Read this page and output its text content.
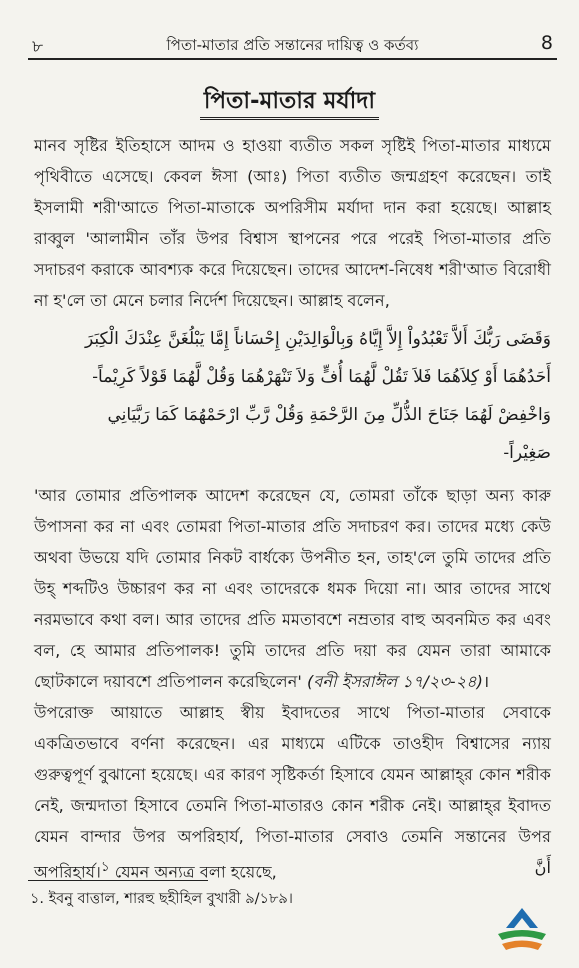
৮	পিতা-মাতার প্রতি সন্তানের দায়িত্ব ও কর্তব্য	8
পিতা-মাতার মর্যাদা

মানব সৃষ্টির ইতিহাসে আদম ও হাওয়া ব্যতীত সকল সৃষ্টিই পিতা-মাতার মাধ্যমে পৃথিবীতে এসেছে। কেবল ঈসা (আঃ) পিতা ব্যতীত জন্মগ্রহণ করেছেন। তাই ইসলামী শরী'আতে পিতা-মাতাকে অপরিসীম মর্যাদা দান করা হয়েছে। আল্লাহ রাব্বুল 'আলামীন তাঁর উপর বিশ্বাস স্থাপনের পরে পরেই পিতা-মাতার প্রতি সদাচরণ করাকে আবশ্যক করে দিয়েছেন। তাদের আদেশ-নিষেধ শরী'আত বিরোধী না হ'লে তা মেনে চলার নির্দেশ দিয়েছেন। আল্লাহ বলেন,

وَقَضَى رَبُّكَ أَلاَّ تَعْبُدُواْ إِلاَّ إِيَّاهُ وَبِالْوَالِدَيْنِ إِحْسَاناً إِمَّا يَبْلُغَنَّ عِنْدَكَ الْكِبَرَ
أَحَدُهُمَا أَوْ كِلاَهُمَا فَلاَ تَقُلْ لَّهُمَا أُفٍّ وَلاَ تَنْهَرْهُمَا وَقُلْ لَّهُمَا قَوْلاً كَرِيْماً-
وَاخْفِضْ لَهُمَا جَنَاحَ الذُّلِّ مِنَ الرَّحْمَةِ وَقُلْ رَّبِّ ارْحَمْهُمَا كَمَا رَبَّيَانِي
صَغِيْراً-

'আর তোমার প্রতিপালক আদেশ করেছেন যে, তোমরা তাঁকে ছাড়া অন্য কারু উপাসনা কর না এবং তোমরা পিতা-মাতার প্রতি সদাচরণ কর। তাদের মধ্যে কেউ অথবা উভয়ে যদি তোমার নিকট বার্ধক্যে উপনীত হন, তাহ'লে তুমি তাদের প্রতি উহ্ শব্দটিও উচ্চারণ কর না এবং তাদেরকে ধমক দিয়ো না। আর তাদের সাথে নরমভাবে কথা বল। আর তাদের প্রতি মমতাবশে নম্রতার বাহু অবনমিত কর এবং বল, হে আমার প্রতিপালক! তুমি তাদের প্রতি দয়া কর যেমন তারা আমাকে ছোটকালে দয়াবশে প্রতিপালন করেছিলেন' (বনী ইসরাঈল ১৭/২৩-২৪)।

উপরোক্ত আয়াতে আল্লাহ স্বীয় ইবাদতের সাথে পিতা-মাতার সেবাকে একত্রিতভাবে বর্ণনা করেছেন। এর মাধ্যমে এটিকে তাওহীদ বিশ্বাসের ন্যায় গুরুত্বপূর্ণ বুঝানো হয়েছে। এর কারণ সৃষ্টিকর্তা হিসাবে যেমন আল্লাহ্‌র কোন শরীক নেই, জন্মদাতা হিসাবে তেমনি পিতা-মাতারও কোন শরীক নেই। আল্লাহ্‌র ইবাদত যেমন বান্দার উপর অপরিহার্য, পিতা-মাতার সেবাও তেমনি সন্তানের উপর অপরিহার্য।$^১$ যেমন অন্যত্র বলা হয়েছে,	أَنَّ

১. ইবনু বাত্তাল, শারহু ছহীহিল বুখারী ৯/১৮৯।
